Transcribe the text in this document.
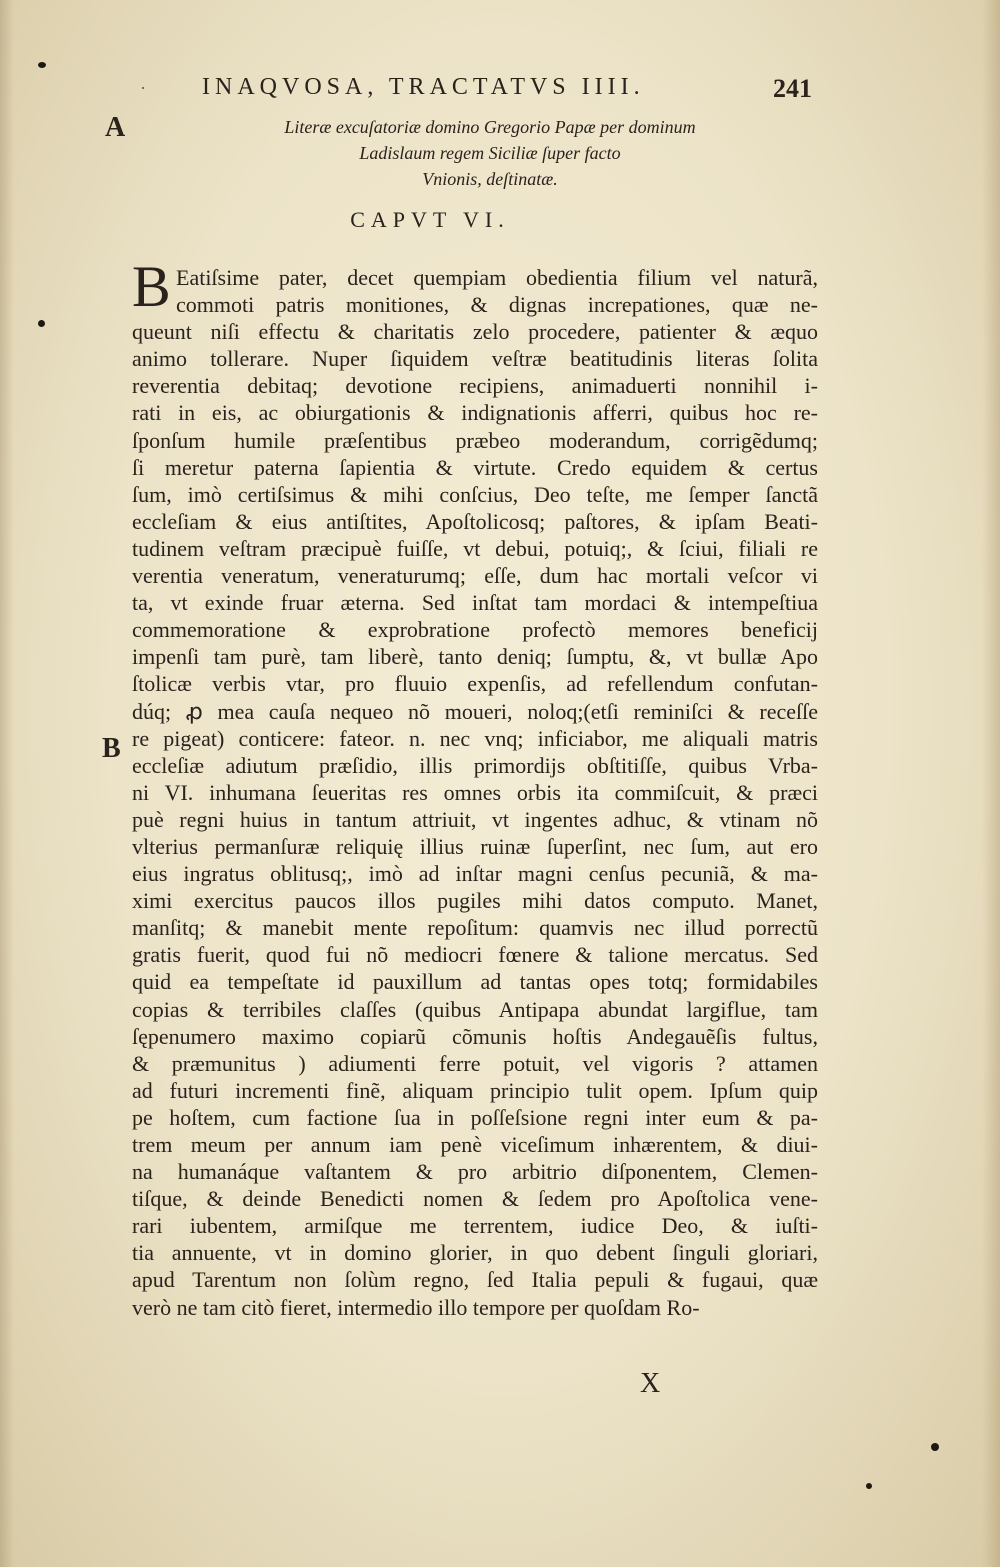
· INAQVOSA, TRACTATVS IIII.	241
A
B
Literæ excuſatoriæ domino Gregorio Papæ per dominum
Ladislaum regem Siciliæ ſuper facto
Vnionis, deſtinatæ.
CAPVT VI.
B Eatiſsime pater, decet quempiam obedientia filium vel naturã,
commoti patris monitiones, & dignas increpationes, quæ ne-
queunt niſi effectu & charitatis zelo procedere, patienter & æquo
animo tollerare. Nuper ſiquidem veſtræ beatitudinis literas ſolita
reverentia debitaq; devotione recipiens, animaduerti nonnihil i-
rati in eis, ac obiurgationis & indignationis afferri, quibus hoc re-
ſponſum humile præſentibus præbeo moderandum, corrigẽdumq;
ſi meretur paterna ſapientia & virtute. Credo equidem & certus
ſum, imò certiſsimus & mihi conſcius, Deo teſte, me ſemper ſanctã
eccleſiam & eius antiſtites, Apoſtolicosq; paſtores, & ipſam Beati-
tudinem veſtram præcipuè fuiſſe, vt debui, potuiq;, & ſciui, filiali re
verentia veneratum, veneraturumq; eſſe, dum hac mortali veſcor vi
ta, vt exinde fruar æterna. Sed inſtat tam mordaci & intempeſtiua
commemoratione & exprobratione profectò memores beneficij
impenſi tam purè, tam liberè, tanto deniq; ſumptu, &, vt bullæ Apo
ſtolicæ verbis vtar, pro fluuio expenſis, ad refellendum confutan-
dúq; ꝓ mea cauſa nequeo nõ moueri, noloq;(etſi reminiſci & receſſe
re pigeat) conticere: fateor. n. nec vnq; inficiabor, me aliquali matris
eccleſiæ adiutum præſidio, illis primordijs obſtitiſſe, quibus Vrba-
ni VI. inhumana ſeueritas res omnes orbis ita commiſcuit, & præci
puè regni huius in tantum attriuit, vt ingentes adhuc, & vtinam nõ
vlterius permanſuræ reliquię illius ruinæ ſuperſint, nec ſum, aut ero
eius ingratus oblitusq;, imò ad inſtar magni cenſus pecuniã, & ma-
ximi exercitus paucos illos pugiles mihi datos computo. Manet,
manſitq; & manebit mente repoſitum: quamvis nec illud porrectũ
gratis fuerit, quod fui nõ mediocri fœnere & talione mercatus. Sed
quid ea tempeſtate id pauxillum ad tantas opes totq; formidabiles
copias & terribiles claſſes (quibus Antipapa abundat largiflue, tam
ſępenumero maximo copiarũ cõmunis hoſtis Andegauẽſis fultus,
& præmunitus ) adiumenti ferre potuit, vel vigoris ? attamen
ad futuri incrementi finẽ, aliquam principio tulit opem. Ipſum quip
pe hoſtem, cum factione ſua in poſſeſsione regni inter eum & pa-
trem meum per annum iam penè viceſimum inhærentem, & diui-
na humanáque vaſtantem & pro arbitrio diſponentem, Clemen-
tiſque, & deinde Benedicti nomen & ſedem pro Apoſtolica vene-
rari iubentem, armiſque me terrentem, iudice Deo, & iuſti-
tia annuente, vt in domino glorier, in quo debent ſinguli gloriari,
apud Tarentum non ſolùm regno, ſed Italia pepuli & fugaui, quæ
verò ne tam citò fieret, intermedio illo tempore per quoſdam Ro-
X
